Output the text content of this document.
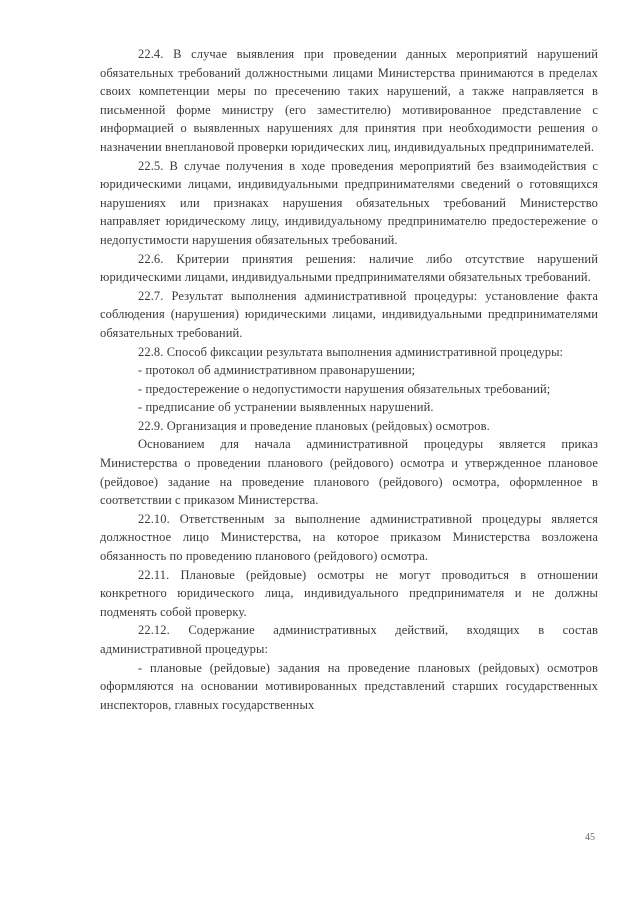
22.4. В случае выявления при проведении данных мероприятий нарушений обязательных требований должностными лицами Министерства принимаются в пределах своих компетенции меры по пресечению таких нарушений, а также направляется в письменной форме министру (его заместителю) мотивированное представление с информацией о выявленных нарушениях для принятия при необходимости решения о назначении внеплановой проверки юридических лиц, индивидуальных предпринимателей.

22.5. В случае получения в ходе проведения мероприятий без взаимодействия с юридическими лицами, индивидуальными предпринимателями сведений о готовящихся нарушениях или признаках нарушения обязательных требований Министерство направляет юридическому лицу, индивидуальному предпринимателю предостережение о недопустимости нарушения обязательных требований.

22.6. Критерии принятия решения: наличие либо отсутствие нарушений юридическими лицами, индивидуальными предпринимателями обязательных требований.

22.7. Результат выполнения административной процедуры: установление факта соблюдения (нарушения) юридическими лицами, индивидуальными предпринимателями обязательных требований.

22.8. Способ фиксации результата выполнения административной процедуры:

- протокол об административном правонарушении;

- предостережение о недопустимости нарушения обязательных требований;

- предписание об устранении выявленных нарушений.

22.9. Организация и проведение плановых (рейдовых) осмотров.

Основанием для начала административной процедуры является приказ Министерства о проведении планового (рейдового) осмотра и утвержденное плановое (рейдовое) задание на проведение планового (рейдового) осмотра, оформленное в соответствии с приказом Министерства.

22.10. Ответственным за выполнение административной процедуры является должностное лицо Министерства, на которое приказом Министерства возложена обязанность по проведению планового (рейдового) осмотра.

22.11. Плановые (рейдовые) осмотры не могут проводиться в отношении конкретного юридического лица, индивидуального предпринимателя и не должны подменять собой проверку.

22.12. Содержание административных действий, входящих в состав административной процедуры:

- плановые (рейдовые) задания на проведение плановых (рейдовых) осмотров оформляются на основании мотивированных представлений старших государственных инспекторов, главных государственных

45
